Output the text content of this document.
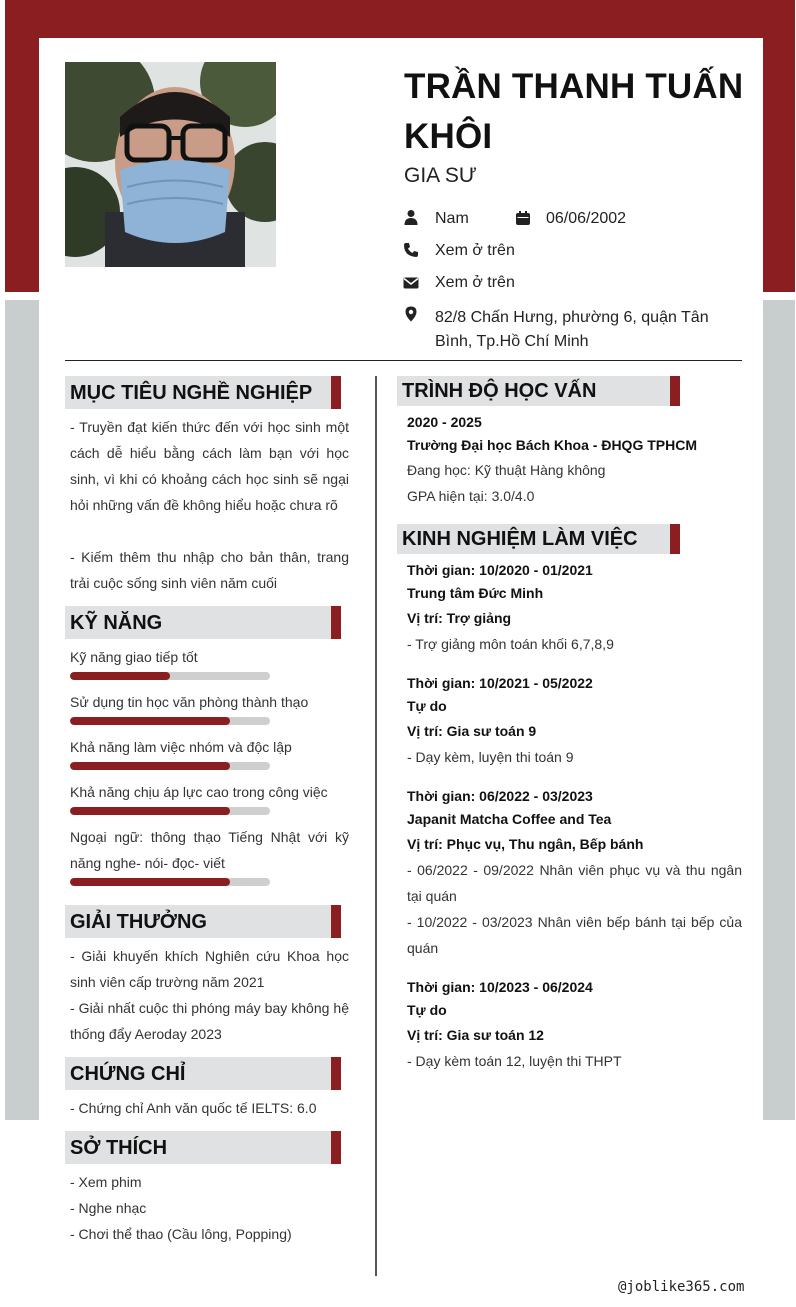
TRẦN THANH TUẤN KHÔI
GIA SƯ
Nam	06/06/2002
Xem ở trên
Xem ở trên
82/8 Chấn Hưng, phường 6, quận Tân Bình, Tp.Hồ Chí Minh
MỤC TIÊU NGHỀ NGHIỆP
- Truyền đạt kiến thức đến với học sinh một cách dễ hiểu bằng cách làm bạn với học sinh, vì khi có khoảng cách học sinh sẽ ngại hỏi những vấn đề không hiểu hoặc chưa rõ
- Kiếm thêm thu nhập cho bản thân, trang trải cuộc sống sinh viên năm cuối
KỸ NĂNG
Kỹ năng giao tiếp tốt
Sử dụng tin học văn phòng thành thạo
Khả năng làm việc nhóm và độc lập
Khả năng chịu áp lực cao trong công việc
Ngoại ngữ: thông thạo Tiếng Nhật với kỹ năng nghe- nói- đọc- viết
GIẢI THƯỞNG
- Giải khuyến khích Nghiên cứu Khoa học sinh viên cấp trường năm 2021
- Giải nhất cuộc thi phóng máy bay không hệ thống đẩy Aeroday 2023
CHỨNG CHỈ
- Chứng chỉ Anh văn quốc tế IELTS: 6.0
SỞ THÍCH
- Xem phim
- Nghe nhạc
- Chơi thể thao (Cầu lông, Popping)
TRÌNH ĐỘ HỌC VẤN
2020 - 2025
Trường Đại học Bách Khoa - ĐHQG TPHCM
Đang học: Kỹ thuật Hàng không
GPA hiện tại: 3.0/4.0
KINH NGHIỆM LÀM VIỆC
Thời gian: 10/2020 - 01/2021
Trung tâm Đức Minh
Vị trí: Trợ giảng
- Trợ giảng môn toán khối 6,7,8,9
Thời gian: 10/2021 - 05/2022
Tự do
Vị trí: Gia sư toán 9
- Dạy kèm, luyện thi toán 9
Thời gian: 06/2022 - 03/2023
Japanit Matcha Coffee and Tea
Vị trí: Phục vụ, Thu ngân, Bếp bánh
- 06/2022 - 09/2022 Nhân viên phục vụ và thu ngân tại quán
- 10/2022 - 03/2023 Nhân viên bếp bánh tại bếp của quán
Thời gian: 10/2023 - 06/2024
Tự do
Vị trí: Gia sư toán 12
- Dạy kèm toán 12, luyện thi THPT
@joblike365.com
